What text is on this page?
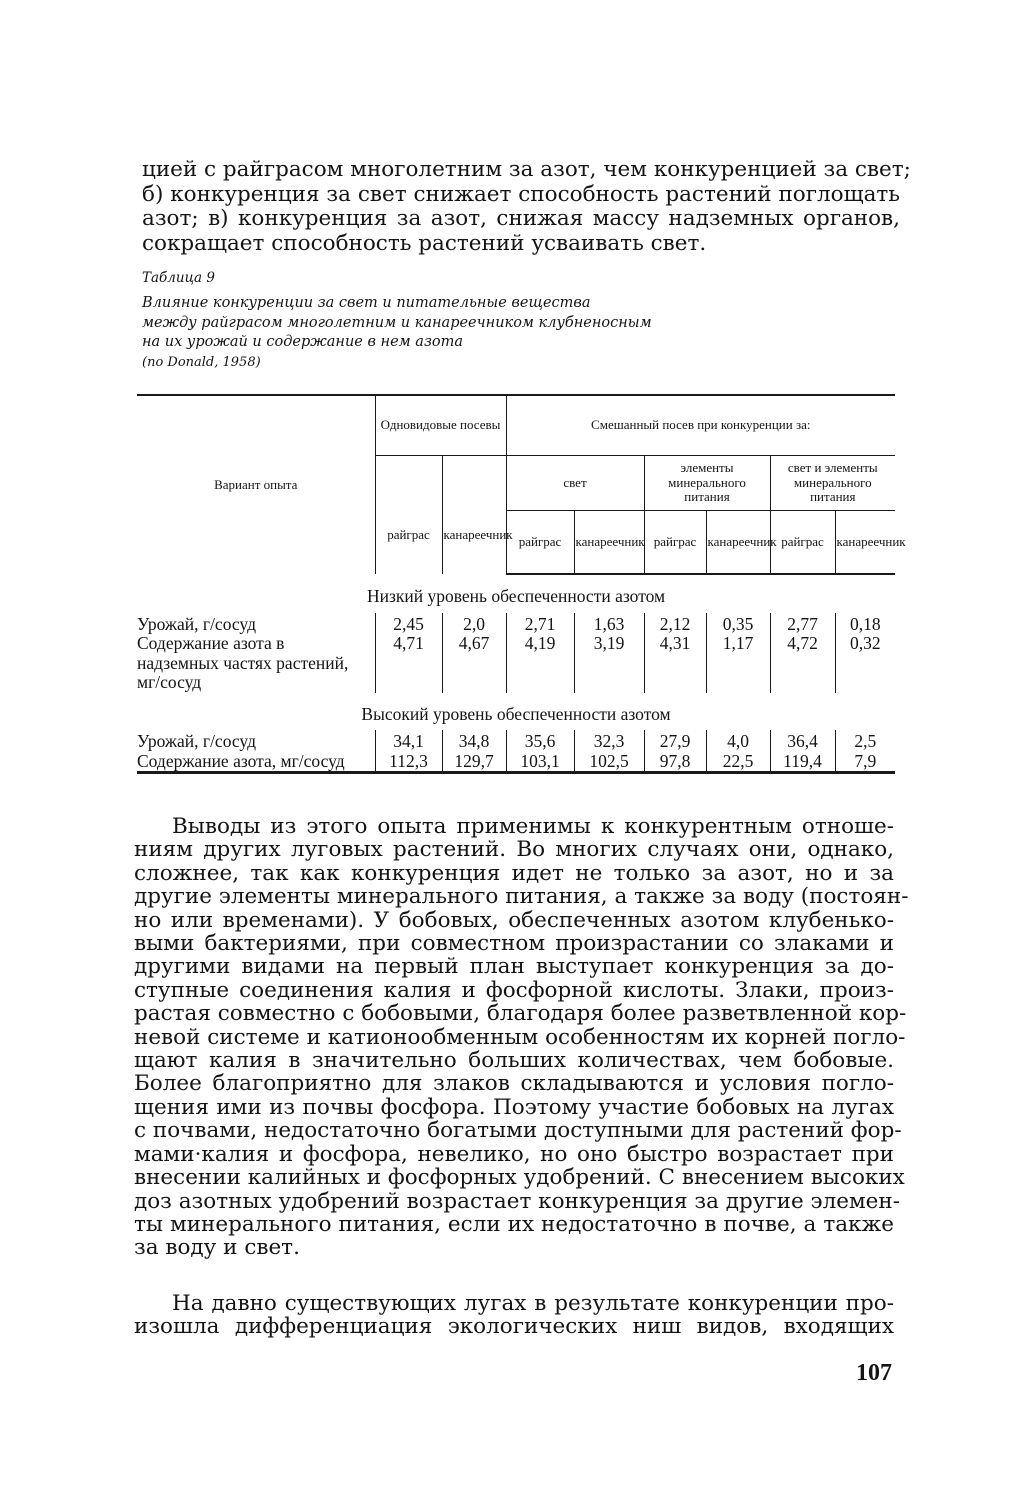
цией с райграсом многолетним за азот, чем конкуренцией за свет;
б) конкуренция за свет снижает способность растений поглощать
азот; в) конкуренция за азот, снижая массу надземных органов,
сокращает способность растений усваивать свет.

Таблица 9

Влияние конкуренции за свет и питательные вещества
между райграсом многолетним и канареечником клубненосным
на их урожай и содержание в нем азота
(по Donald, 1958)

Вариант опыта	Одновидовые посевы		Смешанный посев при конкуренции за:					
	райграс	канареечник	свет		элементы минерального питания		свет и элементы минерального питания	
			райграс	канареечник	райграс	канареечник	райграс	канареечник
Низкий уровень обеспеченности азотом								
Урожай, г/сосуд	2,45	2,0	2,71	1,63	2,12	0,35	2,77	0,18
Содержание азота в надземных частях растений, мг/сосуд	4,71	4,67	4,19	3,19	4,31	1,17	4,72	0,32
Высокий уровень обеспеченности азотом								
Урожай, г/сосуд	34,1	34,8	35,6	32,3	27,9	4,0	36,4	2,5
Содержание азота, мг/сосуд	112,3	129,7	103,1	102,5	97,8	22,5	119,4	7,9

Выводы из этого опыта применимы к конкурентным отноше-
ниям других луговых растений. Во многих случаях они, однако,
сложнее, так как конкуренция идет не только за азот, но и за
другие элементы минерального питания, а также за воду (постоян-
но или временами). У бобовых, обеспеченных азотом клубенько-
выми бактериями, при совместном произрастании со злаками и
другими видами на первый план выступает конкуренция за до-
ступные соединения калия и фосфорной кислоты. Злаки, произ-
растая совместно с бобовыми, благодаря более разветвленной кор-
невой системе и катионообменным особенностям их корней погло-
щают калия в значительно больших количествах, чем бобовые.
Более благоприятно для злаков складываются и условия погло-
щения ими из почвы фосфора. Поэтому участие бобовых на лугах
с почвами, недостаточно богатыми доступными для растений фор-
мами·калия и фосфора, невелико, но оно быстро возрастает при
внесении калийных и фосфорных удобрений. С внесением высоких
доз азотных удобрений возрастает конкуренция за другие элемен-
ты минерального питания, если их недостаточно в почве, а также
за воду и свет.

На давно существующих лугах в результате конкуренции про-
изошла дифференциация экологических ниш видов, входящих

107
